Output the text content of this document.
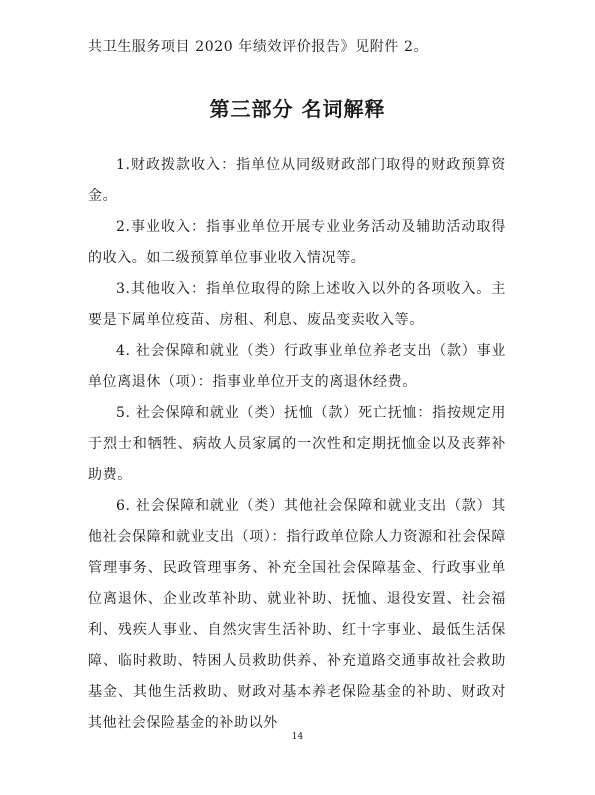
共卫生服务项目 2020 年绩效评价报告》见附件 2。
第三部分 名词解释

1.财政拨款收入：指单位从同级财政部门取得的财政预算资金。

2.事业收入：指事业单位开展专业业务活动及辅助活动取得的收入。如二级预算单位事业收入情况等。

3.其他收入：指单位取得的除上述收入以外的各项收入。主要是下属单位疫苗、房租、利息、废品变卖收入等。

4. 社会保障和就业（类）行政事业单位养老支出（款）事业单位离退休（项）：指事业单位开支的离退休经费。

5. 社会保障和就业（类）抚恤（款）死亡抚恤：指按规定用于烈士和牺牲、病故人员家属的一次性和定期抚恤金以及丧葬补助费。

6. 社会保障和就业（类）其他社会保障和就业支出（款）其他社会保障和就业支出（项）：指行政单位除人力资源和社会保障管理事务、民政管理事务、补充全国社会保障基金、行政事业单位离退休、企业改革补助、就业补助、抚恤、退役安置、社会福利、残疾人事业、自然灾害生活补助、红十字事业、最低生活保障、临时救助、特困人员救助供养、补充道路交通事故社会救助基金、其他生活救助、财政对基本养老保险基金的补助、财政对其他社会保险基金的补助以外

14
